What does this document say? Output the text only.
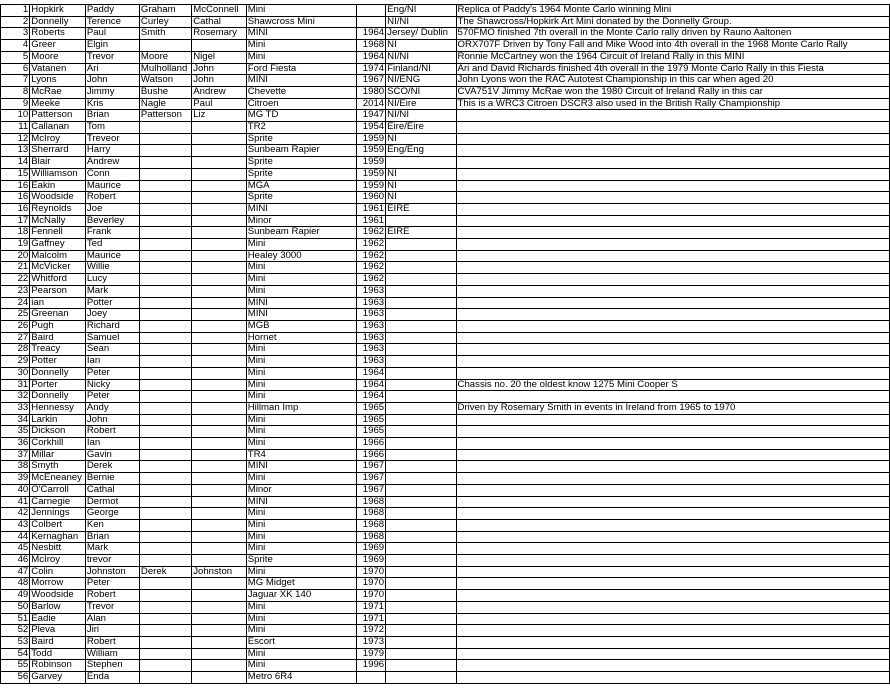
1	Hopkirk	Paddy	Graham	McConnell	Mini		Eng/NI	Replica of Paddy's 1964 Monte Carlo winning Mini
2	Donnelly	Terence	Curley	Cathal	Shawcross Mini		NI/NI	The Shawcross/Hopkirk Art Mini donated by the Donnelly Group.
3	Roberts	Paul	Smith	Rosemary	MINI	1964	Jersey/ Dublin	570FMO finished 7th overall in the Monte Carlo rally driven by Rauno Aaltonen
4	Greer	Elgin			Mini	1968	NI	ORX707F Driven by Tony Fall and Mike Wood into 4th overall in the 1968 Monte Carlo Rally
5	Moore	Trevor	Moore	Nigel	Mini	1964	NI/NI	Ronnie McCartney won the 1964 Circuit of Ireland Rally in this MINI
6	Vatanen	Ari	Mulholland	John	Ford Fiesta	1974	Finland/NI	Ari and David Richards finished 4th overall in the 1979 Monte Carlo Rally in this Fiesta
7	Lyons	John	Watson	John	MINI	1967	NI/ENG	John Lyons won the RAC Autotest Championship in this car when aged 20
8	McRae	Jimmy	Bushe	Andrew	Chevette	1980	SCO/NI	CVA751V Jimmy McRae won the 1980 Circuit of Ireland Rally in this car
9	Meeke	Kris	Nagle	Paul	Citroen	2014	NI/Eire	This is a WRC3 Citroen DSCR3 also used in the British Rally Championship
10	Patterson	Brian	Patterson	Liz	MG TD	1947	NI/NI	
11	Callanan	Tom			TR2	1954	Eire/Eire	
12	McIroy	Treveor			Sprite	1959	NI	
13	Sherrard	Harry			Sunbeam Rapier	1959	Eng/Eng	
14	Blair	Andrew			Sprite	1959		
15	Williamson	Conn			Sprite	1959	NI	
16	Eakin	Maurice			MGA	1959	NI	
16	Woodside	Robert			Sprite	1960	NI	
16	Reynolds	Joe			MINI	1961	EIRE	
17	McNally	Beverley			Minor	1961		
18	Fennell	Frank			Sunbeam Rapier	1962	EIRE	
19	Gaffney	Ted			Mini	1962		
20	Malcolm	Maurice			Healey 3000	1962		
21	McVicker	Willie			Mini	1962		
22	Whitford	Lucy			Mini	1962		
23	Pearson	Mark			Mini	1963		
24	ian	Potter			MINI	1963		
25	Greenan	Joey			MINI	1963		
26	Pugh	Richard			MGB	1963		
27	Baird	Samuel			Hornet	1963		
28	Treacy	Sean			Mini	1963		
29	Potter	Ian			Mini	1963		
30	Donnelly	Peter			Mini	1964		
31	Porter	Nicky			Mini	1964		Chassis no. 20 the oldest know 1275 Mini Cooper S
32	Donnelly	Peter			Mini	1964		
33	Hennessy	Andy			Hillman Imp	1965		Driven by Rosemary Smith in events in Ireland from 1965 to 1970
34	Larkin	John			Mini	1965		
35	Dickson	Robert			Mini	1965		
36	Corkhill	Ian			Mini	1966		
37	Millar	Gavin			TR4	1966		
38	Smyth	Derek			MINI	1967		
39	McEneaney	Bernie			Mini	1967		
40	O'Carroll	Cathal			Minor	1967		
41	Carnegie	Dermot			MINI	1968		
42	Jennings	George			Mini	1968		
43	Colbert	Ken			Mini	1968		
44	Kernaghan	Brian			Mini	1968		
45	Nesbitt	Mark			Mini	1969		
46	McIroy	trevor			Sprite	1969		
47	Colin	Johnston	Derek	Johnston	Mini	1970		
48	Morrow	Peter			MG Midget	1970		
49	Woodside	Robert			Jaguar XK 140	1970		
50	Barlow	Trevor			Mini	1971		
51	Eadie	Alan			Mini	1971		
52	Pleva	Jiri			Mini	1972		
53	Baird	Robert			Escort	1973		
54	Todd	William			Mini	1979		
55	Robinson	Stephen			Mini	1996		
56	Garvey	Enda			Metro 6R4			
